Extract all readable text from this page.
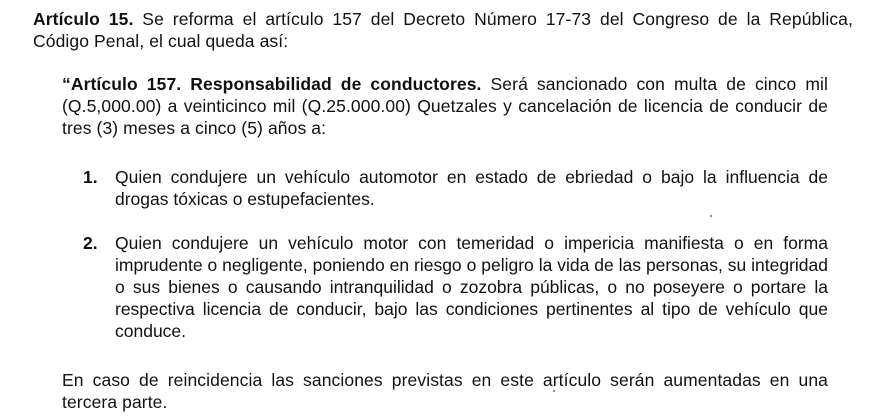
Artículo 15. Se reforma el artículo 157 del Decreto Número 17-73 del Congreso de la República, Código Penal, el cual queda así:

“Artículo 157. Responsabilidad de conductores. Será sancionado con multa de cinco mil (Q.5,000.00) a veinticinco mil (Q.25.000.00) Quetzales y cancelación de licencia de conducir de tres (3) meses a cinco (5) años a:

1. Quien condujere un vehículo automotor en estado de ebriedad o bajo la influencia de drogas tóxicas o estupefacientes.
2. Quien condujere un vehículo motor con temeridad o impericia manifiesta o en forma imprudente o negligente, poniendo en riesgo o peligro la vida de las personas, su integridad o sus bienes o causando intranquilidad o zozobra públicas, o no poseyere o portare la respectiva licencia de conducir, bajo las condiciones pertinentes al tipo de vehículo que conduce.

En caso de reincidencia las sanciones previstas en este artículo serán aumentadas en una tercera parte.
